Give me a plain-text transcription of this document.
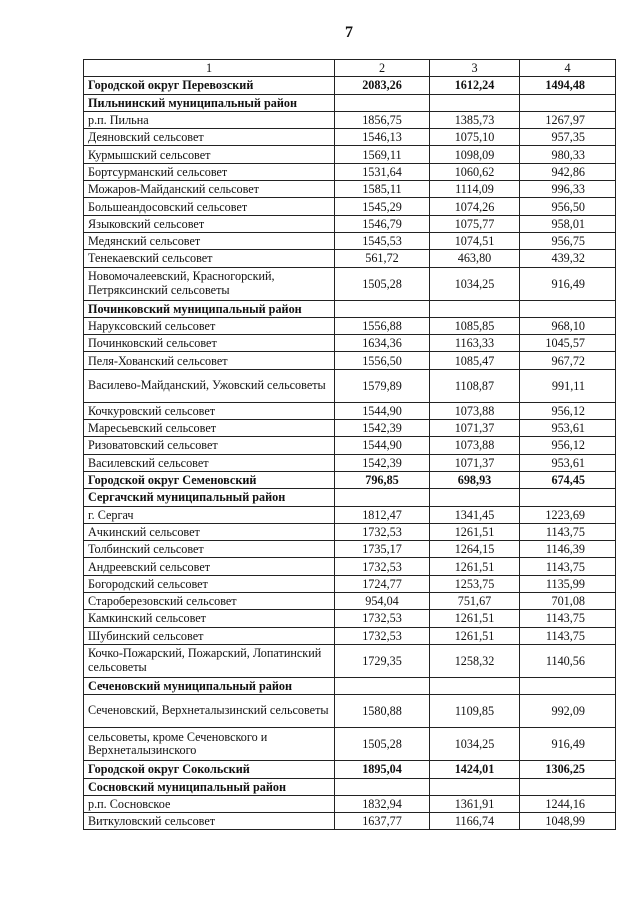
7
1	2	3	4
Городской округ Перевозский	2083,26	1612,24	1494,48
Пильнинский муниципальный район			
р.п. Пильна	1856,75	1385,73	1267,97
Деяновский сельсовет	1546,13	1075,10	957,35
Курмышский сельсовет	1569,11	1098,09	980,33
Бортсурманский сельсовет	1531,64	1060,62	942,86
Можаров-Майданский сельсовет	1585,11	1114,09	996,33
Большеандосовский сельсовет	1545,29	1074,26	956,50
Языковский сельсовет	1546,79	1075,77	958,01
Медянский сельсовет	1545,53	1074,51	956,75
Тенекаевский сельсовет	561,72	463,80	439,32
Новомочалеевский, Красногорский, Петряксинский сельсоветы	1505,28	1034,25	916,49
Починковский муниципальный район			
Нарукcовский сельсовет	1556,88	1085,85	968,10
Починковский сельсовет	1634,36	1163,33	1045,57
Пеля-Хованский сельсовет	1556,50	1085,47	967,72
Василево-Майданский, Ужовский сельсоветы	1579,89	1108,87	991,11
Кочкуровский сельсовет	1544,90	1073,88	956,12
Маресьевский сельсовет	1542,39	1071,37	953,61
Ризоватовский сельсовет	1544,90	1073,88	956,12
Василевский сельсовет	1542,39	1071,37	953,61
Городской округ Семеновский	796,85	698,93	674,45
Сергачский муниципальный район			
г. Сергач	1812,47	1341,45	1223,69
Ачкинский сельсовет	1732,53	1261,51	1143,75
Толбинский сельсовет	1735,17	1264,15	1146,39
Андреевский сельсовет	1732,53	1261,51	1143,75
Богородский сельсовет	1724,77	1253,75	1135,99
Староберезовский сельсовет	954,04	751,67	701,08
Камкинский сельсовет	1732,53	1261,51	1143,75
Шубинский сельсовет	1732,53	1261,51	1143,75
Кочко-Пожарский, Пожарский, Лопатинский сельсоветы	1729,35	1258,32	1140,56
Сеченовский муниципальный район			
Сеченовский, Верхнеталызинский сельсоветы	1580,88	1109,85	992,09
сельсоветы, кроме Сеченовского и Верхнеталызинского	1505,28	1034,25	916,49
Городской округ Сокольский	1895,04	1424,01	1306,25
Сосновский муниципальный район			
р.п. Сосновское	1832,94	1361,91	1244,16
Виткуловский сельсовет	1637,77	1166,74	1048,99
